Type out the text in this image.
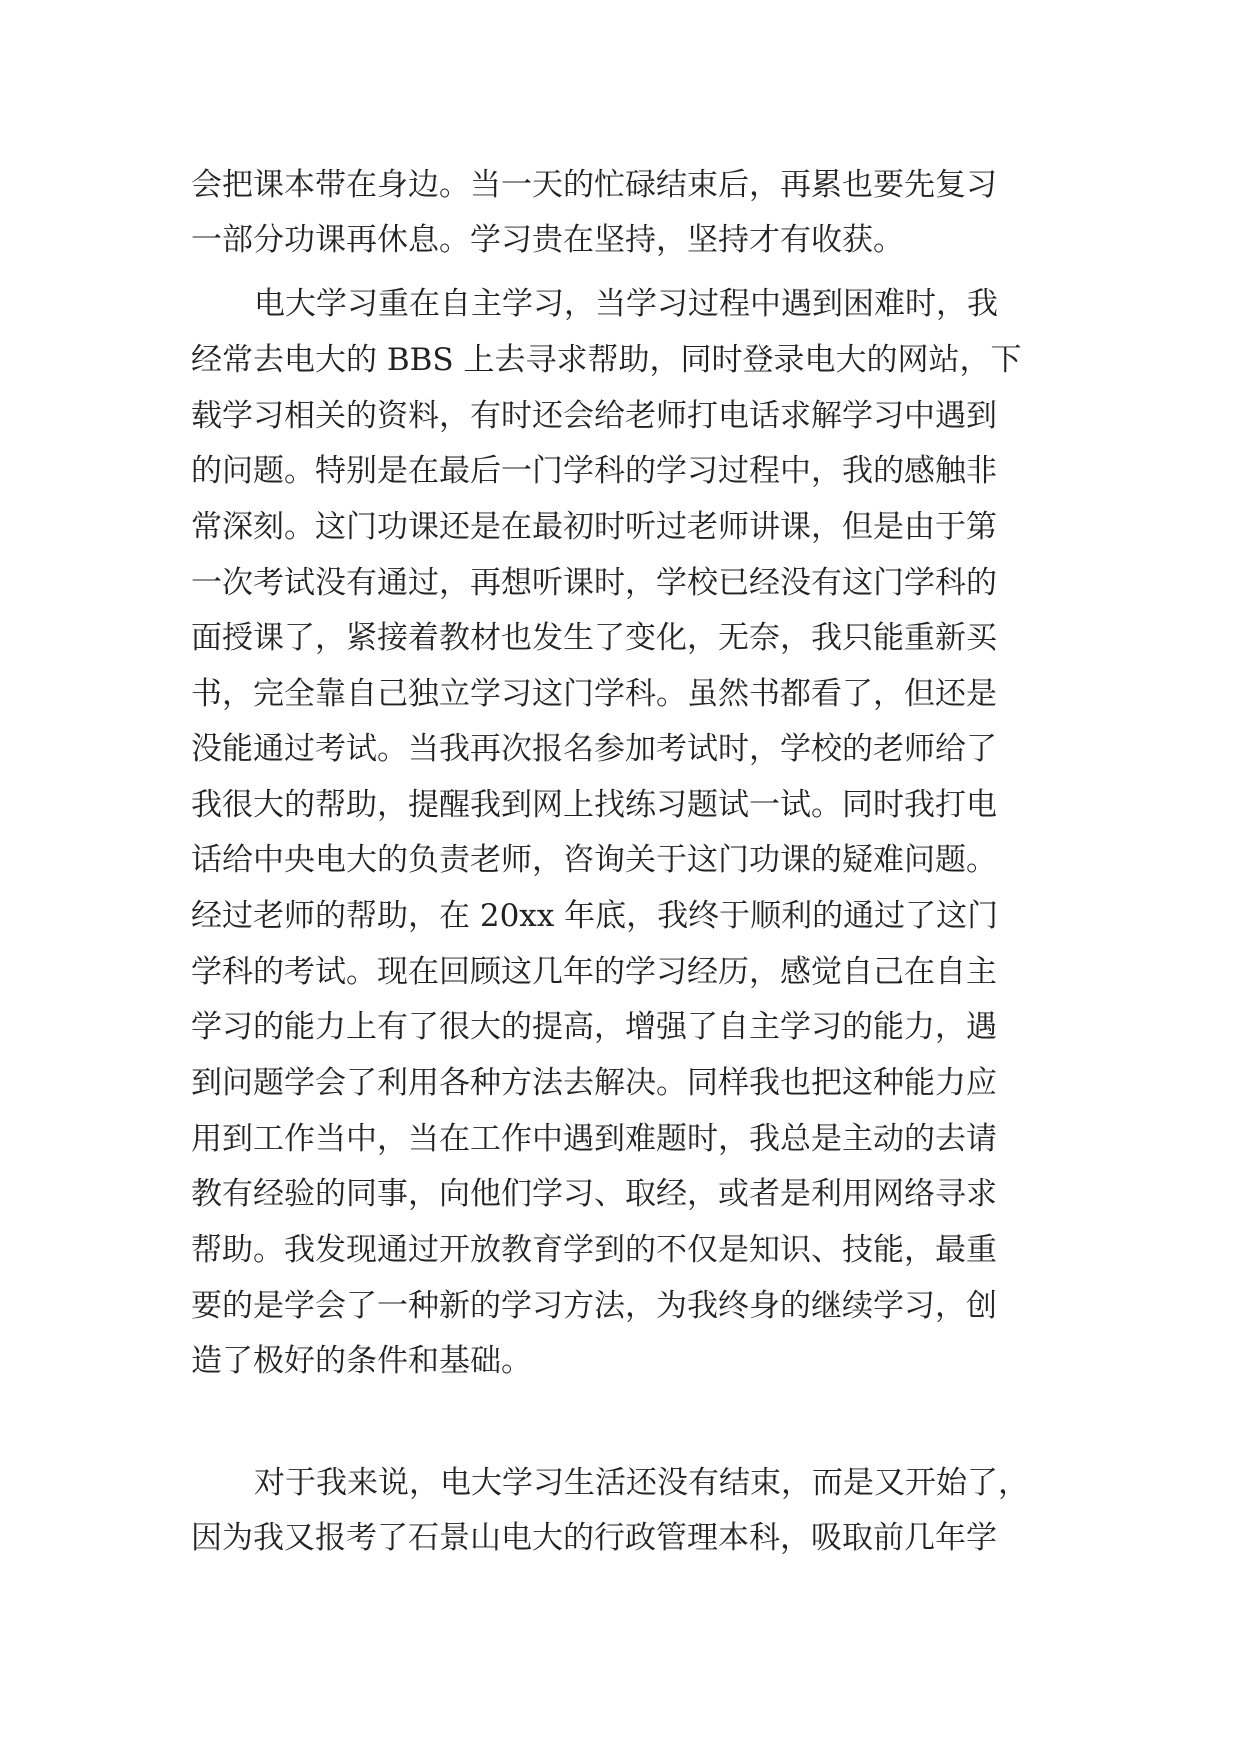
会把课本带在身边。当一天的忙碌结束后，再累也要先复习
一部分功课再休息。学习贵在坚持，坚持才有收获。
电大学习重在自主学习，当学习过程中遇到困难时，我
经常去电大的 BBS 上去寻求帮助，同时登录电大的网站，下
载学习相关的资料，有时还会给老师打电话求解学习中遇到
的问题。特别是在最后一门学科的学习过程中，我的感触非
常深刻。这门功课还是在最初时听过老师讲课，但是由于第
一次考试没有通过，再想听课时，学校已经没有这门学科的
面授课了，紧接着教材也发生了变化，无奈，我只能重新买
书，完全靠自己独立学习这门学科。虽然书都看了，但还是
没能通过考试。当我再次报名参加考试时，学校的老师给了
我很大的帮助，提醒我到网上找练习题试一试。同时我打电
话给中央电大的负责老师，咨询关于这门功课的疑难问题。
经过老师的帮助，在 20xx 年底，我终于顺利的通过了这门
学科的考试。现在回顾这几年的学习经历，感觉自己在自主
学习的能力上有了很大的提高，增强了自主学习的能力，遇
到问题学会了利用各种方法去解决。同样我也把这种能力应
用到工作当中，当在工作中遇到难题时，我总是主动的去请
教有经验的同事，向他们学习、取经，或者是利用网络寻求
帮助。我发现通过开放教育学到的不仅是知识、技能，最重
要的是学会了一种新的学习方法，为我终身的继续学习，创
造了极好的条件和基础。
对于我来说，电大学习生活还没有结束，而是又开始了，
因为我又报考了石景山电大的行政管理本科，吸取前几年学
